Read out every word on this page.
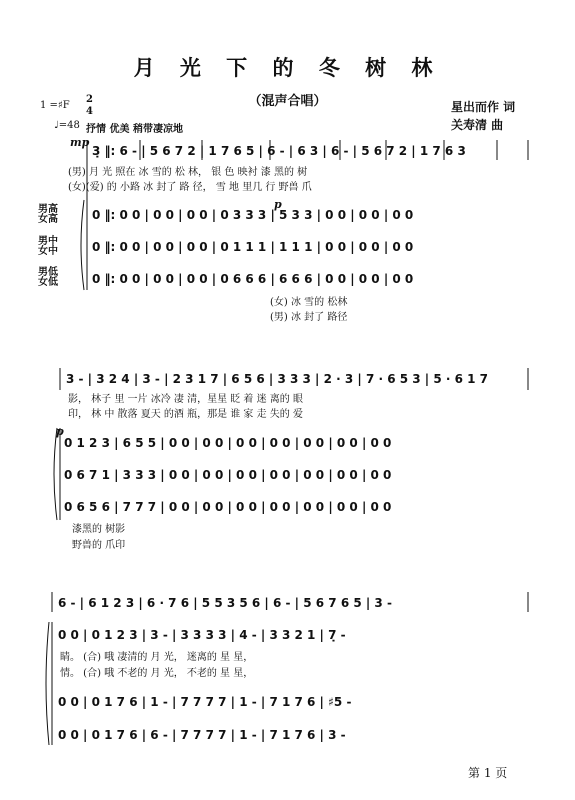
月 光 下 的 冬 树 林
（混声合唱）	星出而作 词
关寿清 曲
1 =♯F
2
4
♩=48 抒情 优美 稍带凄凉地
男高
女高
男中
女中
男低
女低
mp
3̣ ‖: 6 - | 5 6 7 2 | 1 7 6 5 | 6 - | 6 3 | 6 - | 5 6 7 2 | 1 7 6 3
(男) 月 光 照在 冰 雪的 松 林， 银 色 映衬 漆 黑的 树
(女)(爱) 的 小路 冰 封了 路 径， 雪 地 里几 行 野兽 爪
p
0 ‖: 0 0 | 0 0 | 0 0 | 0 3 3 3 | 5 3 3 | 0 0 | 0 0 | 0 0
0 ‖: 0 0 | 0 0 | 0 0 | 0 1 1 1 | 1 1 1 | 0 0 | 0 0 | 0 0
0 ‖: 0 0 | 0 0 | 0 0 | 0 6 6 6 | 6 6 6 | 0 0 | 0 0 | 0 0
(女) 冰 雪的 松林
(男) 冰 封了 路径
3 - | 3 2 4 | 3 - | 2 3 1 7 | 6 5 6 | 3 3 3 | 2 · 3 | 7 · 6 5 3 | 5 · 6 1 7
影， 林子 里 一片 冰冷 凄 清，星星 眨 着 迷 离的 眼
印， 林 中 散落 夏天 的酒 瓶，那是 谁 家 走 失的 爱
p
0 1 2 3 | 6 5 5 | 0 0 | 0 0 | 0 0 | 0 0 | 0 0 | 0 0 | 0 0
0 6 7 1 | 3 3 3 | 0 0 | 0 0 | 0 0 | 0 0 | 0 0 | 0 0 | 0 0
0 6 5 6 | 7 7 7 | 0 0 | 0 0 | 0 0 | 0 0 | 0 0 | 0 0 | 0 0
漆黑的 树影
野兽的 爪印
6 - | 6 1 2 3 | 6 · 7 6 | 5 5 3 5 6 | 6 - | 5 6 7 6 5 | 3 -
0 0 | 0 1 2 3 | 3 - | 3 3 3 3 | 4 - | 3 3 2 1 | 7̣ -
睛。 (合) 哦 凄清的 月 光， 迷离的 星 星，
情。 (合) 哦 不老的 月 光， 不老的 星 星，
0 0 | 0 1 7 6 | 1 - | 7 7 7 7 | 1 - | 7 1 7 6 | ♯5 -
0 0 | 0 1 7 6 | 6 - | 7 7 7 7 | 1 - | 7 1 7 6 | 3 -
第 1 页
